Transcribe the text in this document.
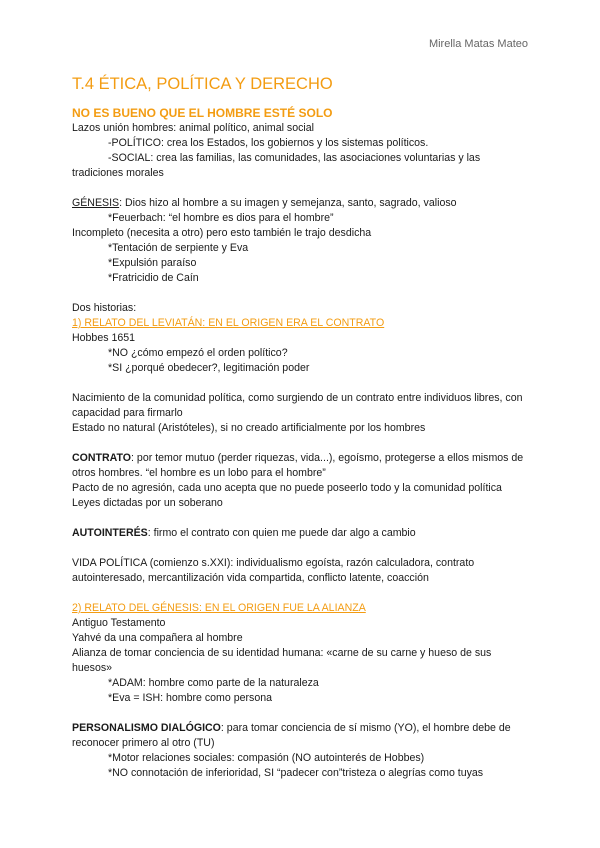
Mirella Matas Mateo
T.4 ÉTICA, POLÍTICA Y DERECHO
NO ES BUENO QUE EL HOMBRE ESTÉ SOLO

Lazos unión hombres: animal político, animal social

-POLÍTICO: crea los Estados, los gobiernos y los sistemas políticos.

-SOCIAL: crea las familias, las comunidades, las asociaciones voluntarias y las tradiciones morales

GÉNESIS: Dios hizo al hombre a su imagen y semejanza, santo, sagrado, valioso

*Feuerbach: “el hombre es dios para el hombre”

Incompleto (necesita a otro) pero esto también le trajo desdicha

*Tentación de serpiente y Eva

*Expulsión paraíso

*Fratricidio de Caín

Dos historias:

1) RELATO DEL LEVIATÁN: EN EL ORIGEN ERA EL CONTRATO

Hobbes 1651

*NO ¿cómo empezó el orden político?

*SI ¿porqué obedecer?, legitimación poder

Nacimiento de la comunidad política, como surgiendo de un contrato entre individuos libres, con capacidad para firmarlo

Estado no natural (Aristóteles), si no creado artificialmente por los hombres

CONTRATO: por temor mutuo (perder riquezas, vida...), egoísmo, protegerse a ellos mismos de otros hombres. “el hombre es un lobo para el hombre”

Pacto de no agresión, cada uno acepta que no puede poseerlo todo y la comunidad política

Leyes dictadas por un soberano

AUTOINTERÉS: firmo el contrato con quien me puede dar algo a cambio

VIDA POLÍTICA (comienzo s.XXI): individualismo egoísta, razón calculadora, contrato autointeresado, mercantilización vida compartida, conflicto latente, coacción

2) RELATO DEL GÉNESIS: EN EL ORIGEN FUE LA ALIANZA

Antiguo Testamento

Yahvé da una compañera al hombre

Alianza de tomar conciencia de su identidad humana: «carne de su carne y hueso de sus huesos»

*ADAM: hombre como parte de la naturaleza

*Eva = ISH: hombre como persona

PERSONALISMO DIALÓGICO: para tomar conciencia de sí mismo (YO), el hombre debe de reconocer primero al otro (TU)

*Motor relaciones sociales: compasión (NO autointerés de Hobbes)

*NO connotación de inferioridad, SI “padecer con”tristeza o alegrías como tuyas
